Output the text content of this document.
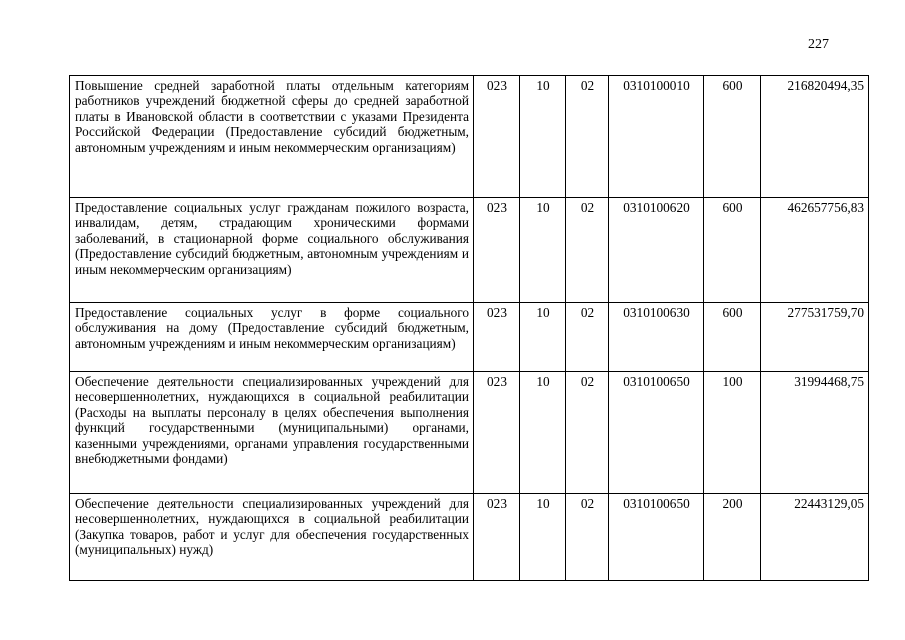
227
Повышение средней заработной платы отдельным категориям работников учреждений бюджетной сферы до средней заработной платы в Ивановской области в соответствии с указами Президента Российской Федерации (Предоставление субсидий бюджетным, автономным учреждениям и иным некоммерческим организациям)	023	10	02	0310100010	600	216820494,35
Предоставление социальных услуг гражданам пожилого возраста, инвалидам, детям, страдающим хроническими формами заболеваний, в стационарной форме социального обслуживания (Предоставление субсидий бюджетным, автономным учреждениям и иным некоммерческим организациям)	023	10	02	0310100620	600	462657756,83
Предоставление социальных услуг в форме социального обслуживания на дому (Предоставление субсидий бюджетным, автономным учреждениям и иным некоммерческим организациям)	023	10	02	0310100630	600	277531759,70
Обеспечение деятельности специализированных учреждений для несовершеннолетних, нуждающихся в социальной реабилитации (Расходы на выплаты персоналу в целях обеспечения выполнения функций государственными (муниципальными) органами, казенными учреждениями, органами управления государственными внебюджетными фондами)	023	10	02	0310100650	100	31994468,75
Обеспечение деятельности специализированных учреждений для несовершеннолетних, нуждающихся в социальной реабилитации (Закупка товаров, работ и услуг для обеспечения государственных (муниципальных) нужд)	023	10	02	0310100650	200	22443129,05
